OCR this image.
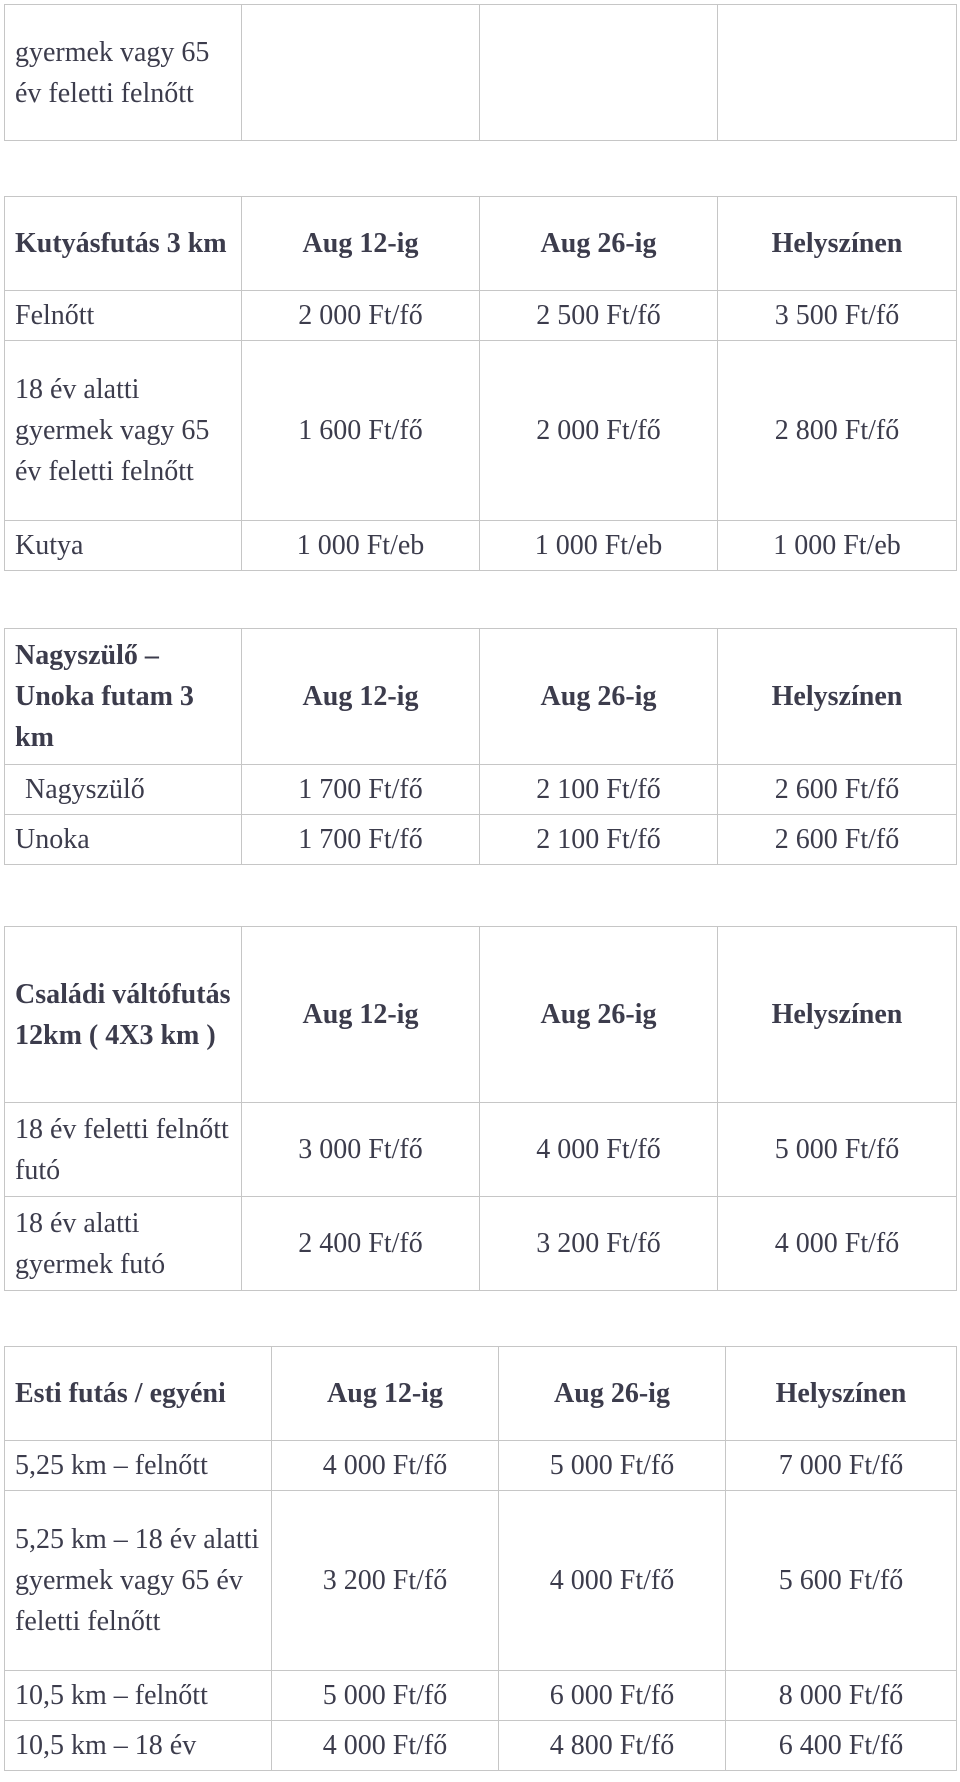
gyermek vagy 65 év feletti felnőtt			
Kutyásfutás 3 km	Aug 12-ig	Aug 26-ig	Helyszínen
Felnőtt	2 000 Ft/fő	2 500 Ft/fő	3 500 Ft/fő
18 év alatti gyermek vagy 65 év feletti felnőtt	1 600 Ft/fő	2 000 Ft/fő	2 800 Ft/fő
Kutya	1 000 Ft/eb	1 000 Ft/eb	1 000 Ft/eb
Nagyszülő – Unoka futam 3 km	Aug 12-ig	Aug 26-ig	Helyszínen
Nagyszülő	1 700 Ft/fő	2 100 Ft/fő	2 600 Ft/fő
Unoka	1 700 Ft/fő	2 100 Ft/fő	2 600 Ft/fő
Családi váltófutás 12km ( 4X3 km )	Aug 12-ig	Aug 26-ig	Helyszínen
18 év feletti felnőtt futó	3 000 Ft/fő	4 000 Ft/fő	5 000 Ft/fő
18 év alatti gyermek futó	2 400 Ft/fő	3 200 Ft/fő	4 000 Ft/fő
Esti futás / egyéni	Aug 12-ig	Aug 26-ig	Helyszínen
5,25 km – felnőtt	4 000 Ft/fő	5 000 Ft/fő	7 000 Ft/fő
5,25 km – 18 év alatti gyermek vagy 65 év feletti felnőtt	3 200 Ft/fő	4 000 Ft/fő	5 600 Ft/fő
10,5 km – felnőtt	5 000 Ft/fő	6 000 Ft/fő	8 000 Ft/fő
10,5 km – 18 év	4 000 Ft/fő	4 800 Ft/fő	6 400 Ft/fő
